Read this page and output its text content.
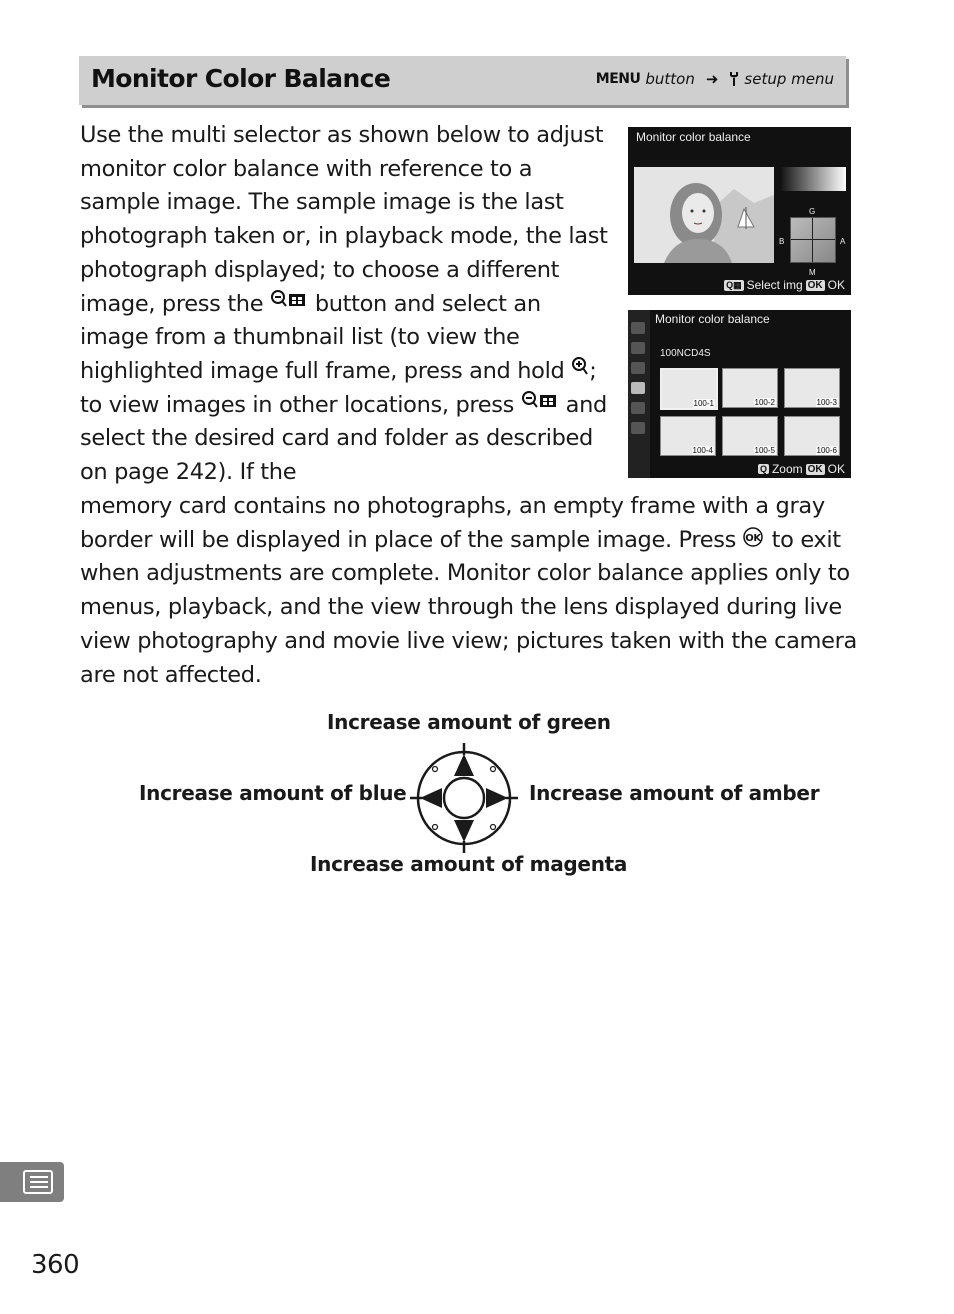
Monitor Color Balance	MENU button ➜ setup menu

Use the multi selector as shown below to adjust monitor color balance with reference to a sample image. The sample image is the last photograph taken or, in playback mode, the last photograph displayed; to choose a different image, press the button and select an image from a thumbnail list (to view the highlighted image full frame, press and hold ; to view images in other locations, press and select the desired card and folder as described on page 242). If the

Monitor color balance
G
B	A
M
Q▦ Select img OK OK
Monitor color balance
100NCD4S
100-1	100-2	100-3
100-4	100-5	100-6
Q Zoom OK OK

memory card contains no photographs, an empty frame with a gray border will be displayed in place of the sample image. Press OK to exit when adjustments are complete. Monitor color balance applies only to menus, playback, and the view through the lens displayed during live view photography and movie live view; pictures taken with the camera are not affected.

Increase amount of green
Increase amount of blue	Increase amount of amber
Increase amount of magenta
360
